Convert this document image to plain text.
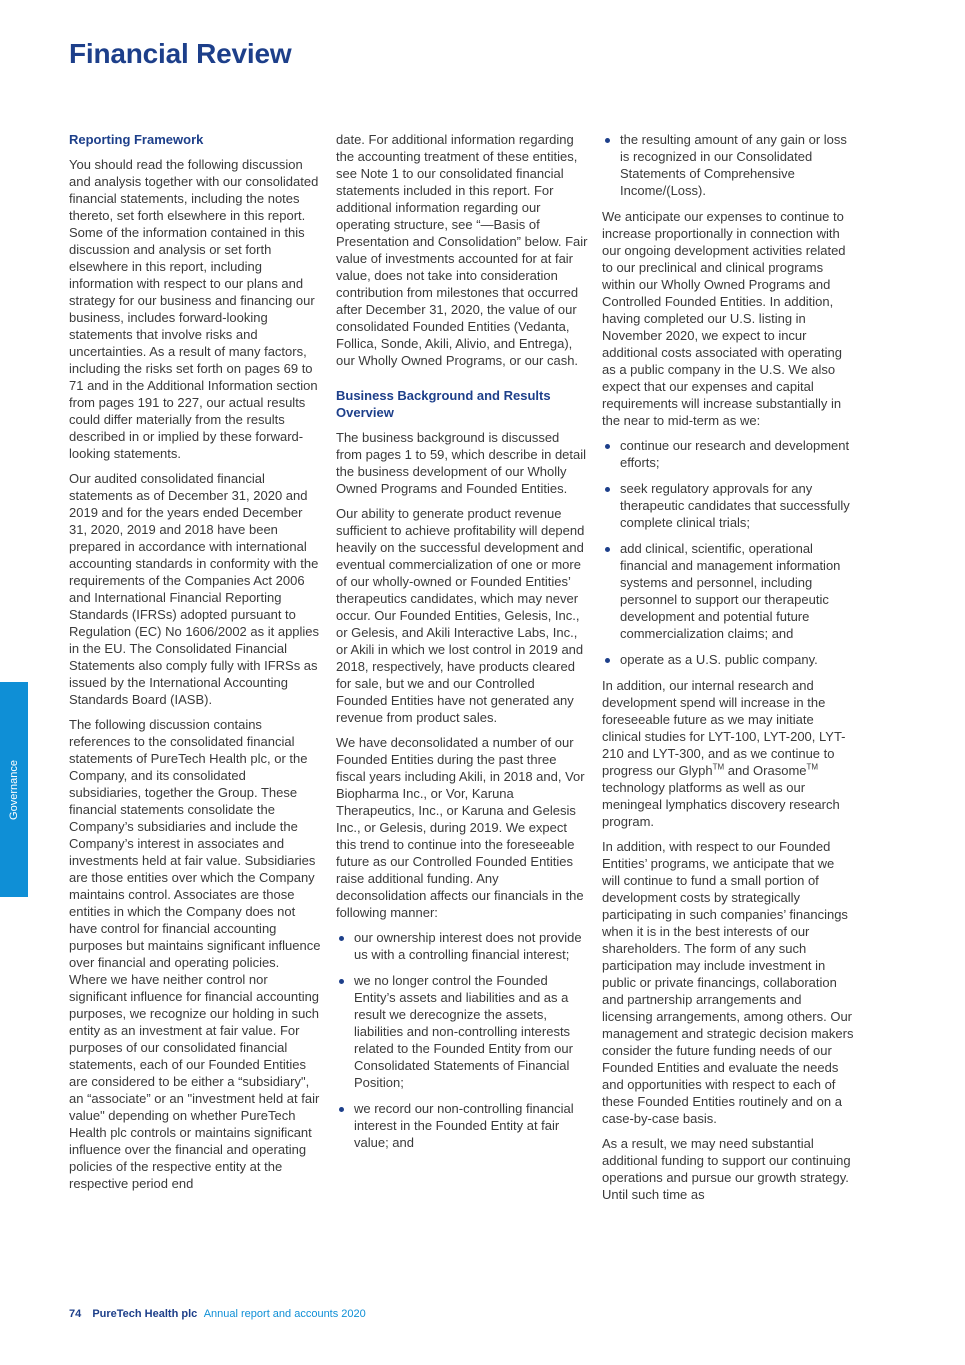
Financial Review
Reporting Framework

You should read the following discussion and analysis together with our consolidated financial statements, including the notes thereto, set forth elsewhere in this report. Some of the information contained in this discussion and analysis or set forth elsewhere in this report, including information with respect to our plans and strategy for our business and financing our business, includes forward-looking statements that involve risks and uncertainties. As a result of many factors, including the risks set forth on pages 69 to 71 and in the Additional Information section from pages 191 to 227, our actual results could differ materially from the results described in or implied by these forward-looking statements.

Our audited consolidated financial statements as of December 31, 2020 and 2019 and for the years ended December 31, 2020, 2019 and 2018 have been prepared in accordance with international accounting standards in conformity with the requirements of the Companies Act 2006 and International Financial Reporting Standards (IFRSs) adopted pursuant to Regulation (EC) No 1606/2002 as it applies in the EU. The Consolidated Financial Statements also comply fully with IFRSs as issued by the International Accounting Standards Board (IASB).

The following discussion contains references to the consolidated financial statements of PureTech Health plc, or the Company, and its consolidated subsidiaries, together the Group. These financial statements consolidate the Company’s subsidiaries and include the Company’s interest in associates and investments held at fair value. Subsidiaries are those entities over which the Company maintains control. Associates are those entities in which the Company does not have control for financial accounting purposes but maintains significant influence over financial and operating policies. Where we have neither control nor significant influence for financial accounting purposes, we recognize our holding in such entity as an investment at fair value. For purposes of our consolidated financial statements, each of our Founded Entities are considered to be either a “subsidiary", an “associate” or an "investment held at fair value" depending on whether PureTech Health plc controls or maintains significant influence over the financial and operating policies of the respective entity at the respective period end

date. For additional information regarding the accounting treatment of these entities, see Note 1 to our consolidated financial statements included in this report. For additional information regarding our operating structure, see “—Basis of Presentation and Consolidation” below. Fair value of investments accounted for at fair value, does not take into consideration contribution from milestones that occurred after December 31, 2020, the value of our consolidated Founded Entities (Vedanta, Follica, Sonde, Akili, Alivio, and Entrega), our Wholly Owned Programs, or our cash.

Business Background and Results Overview

The business background is discussed from pages 1 to 59, which describe in detail the business development of our Wholly Owned Programs and Founded Entities.

Our ability to generate product revenue sufficient to achieve profitability will depend heavily on the successful development and eventual commercialization of one or more of our wholly-owned or Founded Entities’ therapeutics candidates, which may never occur. Our Founded Entities, Gelesis, Inc., or Gelesis, and Akili Interactive Labs, Inc., or Akili in which we lost control in 2019 and 2018, respectively, have products cleared for sale, but we and our Controlled Founded Entities have not generated any revenue from product sales.

We have deconsolidated a number of our Founded Entities during the past three fiscal years including Akili, in 2018 and, Vor Biopharma Inc., or Vor, Karuna Therapeutics, Inc., or Karuna and Gelesis Inc., or Gelesis, during 2019. We expect this trend to continue into the foreseeable future as our Controlled Founded Entities raise additional funding. Any deconsolidation affects our financials in the following manner:

our ownership interest does not provide us with a controlling financial interest;
we no longer control the Founded Entity’s assets and liabilities and as a result we derecognize the assets, liabilities and non-controlling interests related to the Founded Entity from our Consolidated Statements of Financial Position;
we record our non-controlling financial interest in the Founded Entity at fair value; and
the resulting amount of any gain or loss is recognized in our Consolidated Statements of Comprehensive Income/(Loss).

We anticipate our expenses to continue to increase proportionally in connection with our ongoing development activities related to our preclinical and clinical programs within our Wholly Owned Programs and Controlled Founded Entities. In addition, having completed our U.S. listing in November 2020, we expect to incur additional costs associated with operating as a public company in the U.S. We also expect that our expenses and capital requirements will increase substantially in the near to mid-term as we:

continue our research and development efforts;
seek regulatory approvals for any therapeutic candidates that successfully complete clinical trials;
add clinical, scientific, operational financial and management information systems and personnel, including personnel to support our therapeutic development and potential future commercialization claims; and
operate as a U.S. public company.

In addition, our internal research and development spend will increase in the foreseeable future as we may initiate clinical studies for LYT-100, LYT-200, LYT-210 and LYT-300, and as we continue to progress our Glyph™ and Orasome™ technology platforms as well as our meningeal lymphatics discovery research program.

In addition, with respect to our Founded Entities’ programs, we anticipate that we will continue to fund a small portion of development costs by strategically participating in such companies’ financings when it is in the best interests of our shareholders. The form of any such participation may include investment in public or private financings, collaboration and partnership arrangements and licensing arrangements, among others. Our management and strategic decision makers consider the future funding needs of our Founded Entities and evaluate the needs and opportunities with respect to each of these Founded Entities routinely and on a case-by-case basis.

As a result, we may need substantial additional funding to support our continuing operations and pursue our growth strategy. Until such time as

Governance
74 PureTech Health plc Annual report and accounts 2020
